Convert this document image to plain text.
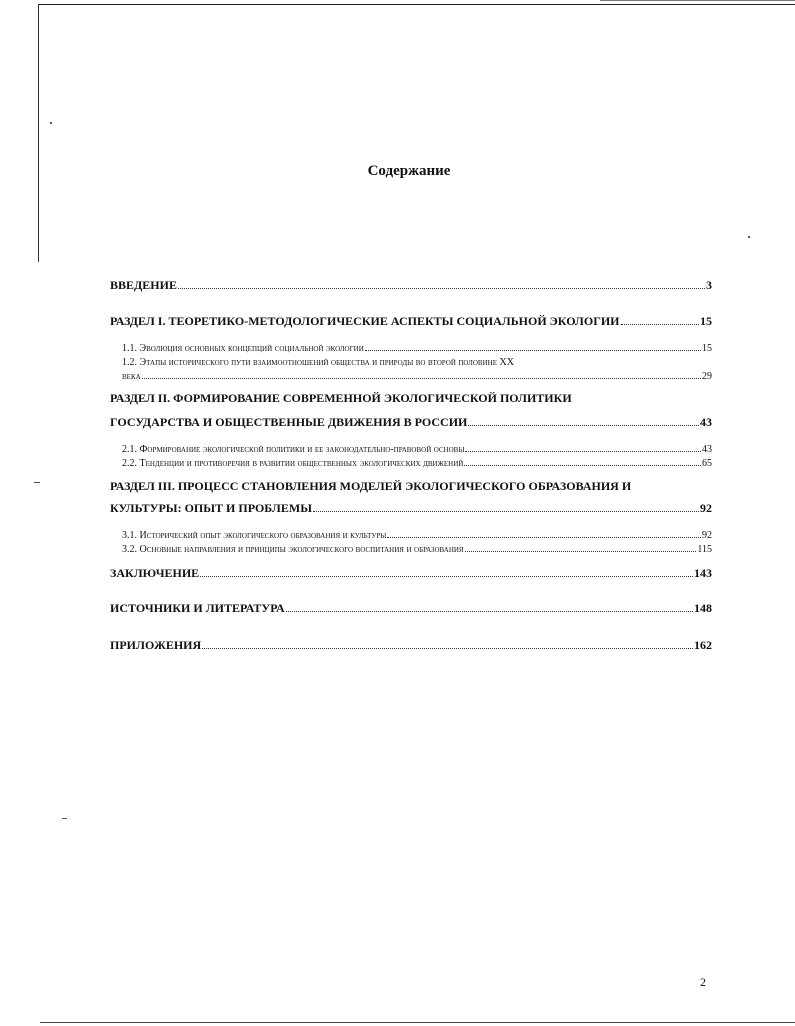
Содержание
ВВЕДЕНИЕ	3
РАЗДЕЛ I. ТЕОРЕТИКО-МЕТОДОЛОГИЧЕСКИЕ АСПЕКТЫ СОЦИАЛЬНОЙ ЭКОЛОГИИ	15
1.1. Эволюция основных концепций социальной экологии	15
1.2. Этапы исторического пути взаимоотношений общества и природы во второй половине XX
века	29
РАЗДЕЛ II. ФОРМИРОВАНИЕ СОВРЕМЕННОЙ ЭКОЛОГИЧЕСКОЙ ПОЛИТИКИ
ГОСУДАРСТВА И ОБЩЕСТВЕННЫЕ ДВИЖЕНИЯ В РОССИИ	43
2.1. Формирование экологической политики и ее законодательно-правовой основы	43
2.2. Тенденции и противоречия в развитии общественных экологических движений	65
РАЗДЕЛ III. ПРОЦЕСС СТАНОВЛЕНИЯ МОДЕЛЕЙ ЭКОЛОГИЧЕСКОГО ОБРАЗОВАНИЯ И
КУЛЬТУРЫ: ОПЫТ И ПРОБЛЕМЫ	92
3.1. Исторический опыт экологического образования и культуры	92
3.2. Основные направления и принципы экологического воспитания и образования	115
ЗАКЛЮЧЕНИЕ	143
ИСТОЧНИКИ И ЛИТЕРАТУРА	148
ПРИЛОЖЕНИЯ	162
2
